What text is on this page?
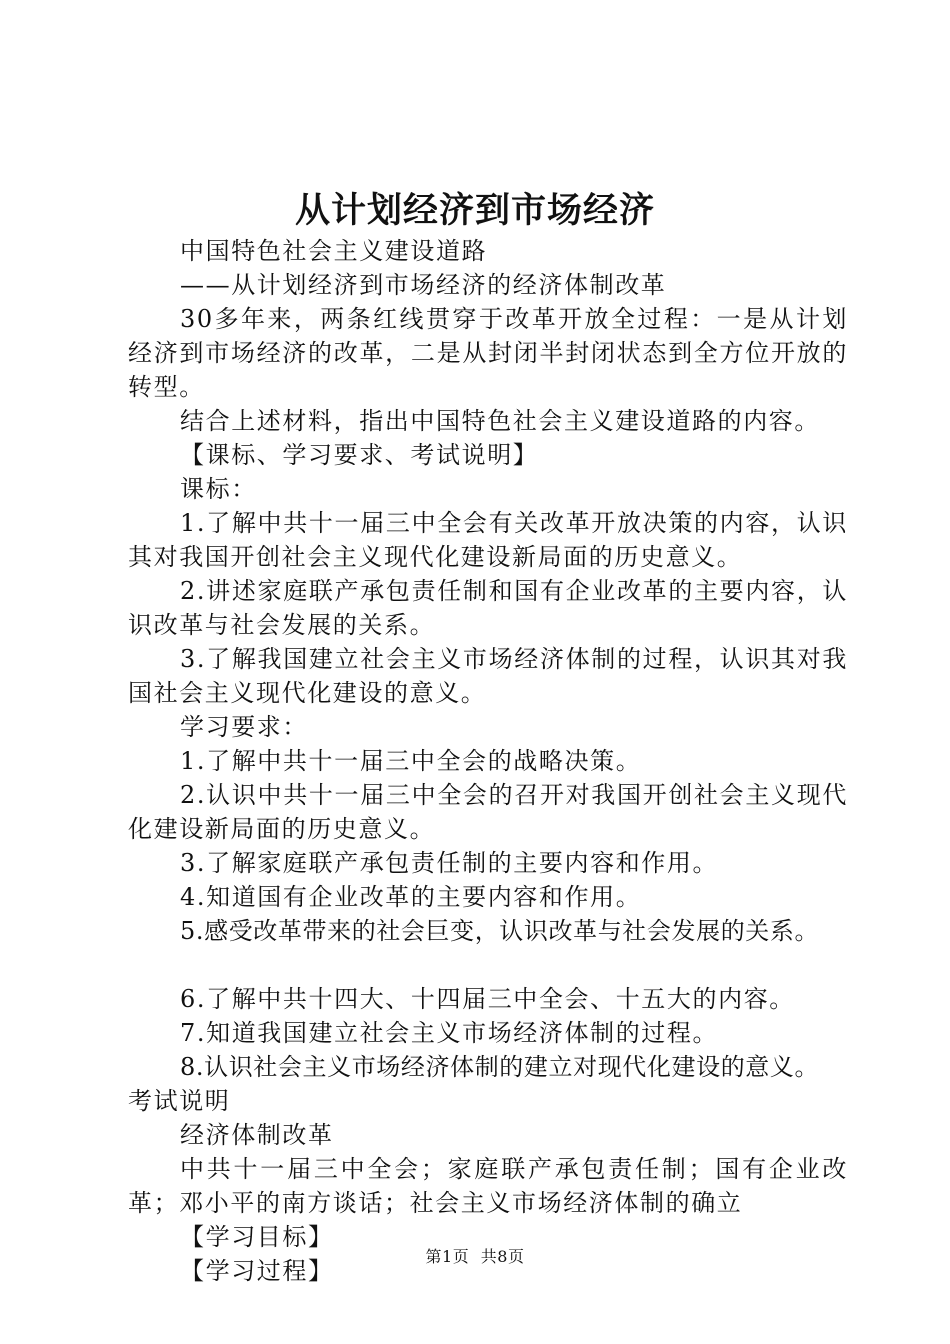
从计划经济到市场经济

中国特色社会主义建设道路

——从计划经济到市场经济的经济体制改革

30多年来，两条红线贯穿于改革开放全过程：一是从计划经济到市场经济的改革，二是从封闭半封闭状态到全方位开放的转型。

结合上述材料，指出中国特色社会主义建设道路的内容。

【课标、学习要求、考试说明】

课标：

1.了解中共十一届三中全会有关改革开放决策的内容，认识其对我国开创社会主义现代化建设新局面的历史意义。

2.讲述家庭联产承包责任制和国有企业改革的主要内容，认识改革与社会发展的关系。

3.了解我国建立社会主义市场经济体制的过程，认识其对我国社会主义现代化建设的意义。

学习要求：

1.了解中共十一届三中全会的战略决策。

2.认识中共十一届三中全会的召开对我国开创社会主义现代化建设新局面的历史意义。

3.了解家庭联产承包责任制的主要内容和作用。

4.知道国有企业改革的主要内容和作用。

5.感受改革带来的社会巨变，认识改革与社会发展的关系。

6.了解中共十四大、十四届三中全会、十五大的内容。

7.知道我国建立社会主义市场经济体制的过程。

8.认识社会主义市场经济体制的建立对现代化建设的意义。

考试说明

经济体制改革

中共十一届三中全会；家庭联产承包责任制；国有企业改革；邓小平的南方谈话；社会主义市场经济体制的确立

【学习目标】

【学习过程】

第1页 共8页
